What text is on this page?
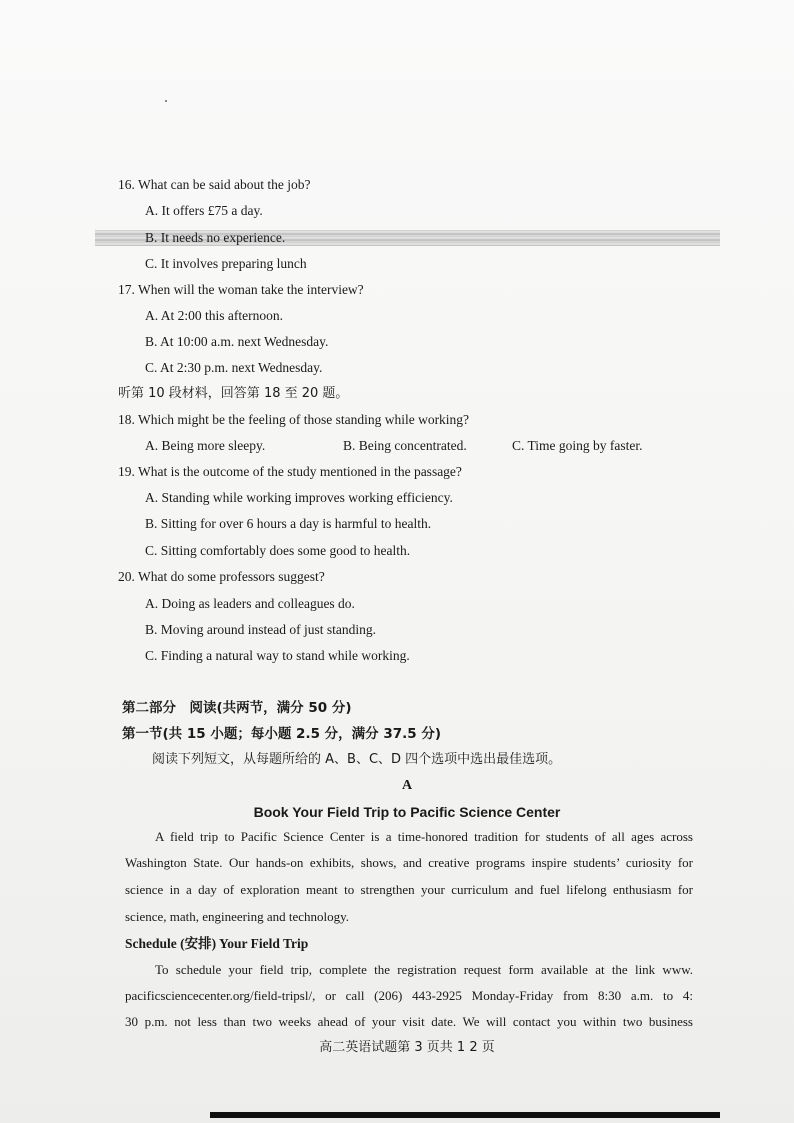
16. What can be said about the job?
A. It offers £75 a day.
B. It needs no experience.
C. It involves preparing lunch
17. When will the woman take the interview?
A. At 2:00 this afternoon.
B. At 10:00 a.m. next Wednesday.
C. At 2:30 p.m. next Wednesday.
听第 10 段材料，回答第 18 至 20 题。
18. Which might be the feeling of those standing while working?
A. Being more sleepy.	B. Being concentrated.	C. Time going by faster.
19. What is the outcome of the study mentioned in the passage?
A. Standing while working improves working efficiency.
B. Sitting for over 6 hours a day is harmful to health.
C. Sitting comfortably does some good to health.
20. What do some professors suggest?
A. Doing as leaders and colleagues do.
B. Moving around instead of just standing.
C. Finding a natural way to stand while working.
第二部分　阅读(共两节，满分 50 分)
第一节(共 15 小题；每小题 2.5 分，满分 37.5 分)
阅读下列短文，从每题所给的 A、B、C、D 四个选项中选出最佳选项。
A
Book Your Field Trip to Pacific Science Center
A field trip to Pacific Science Center is a time-honored tradition for students of all ages across
Washington State. Our hands-on exhibits, shows, and creative programs inspire students’ curiosity for
science in a day of exploration meant to strengthen your curriculum and fuel lifelong enthusiasm for
science, math, engineering and technology.
Schedule (安排) Your Field Trip
To schedule your field trip, complete the registration request form available at the link www.
pacificsciencecenter.org/field-tripsl/, or call (206) 443-2925 Monday-Friday from 8:30 a.m. to 4:
30 p.m. not less than two weeks ahead of your visit date. We will contact you within two business
高二英语试题第 3 页共 1 2 页
